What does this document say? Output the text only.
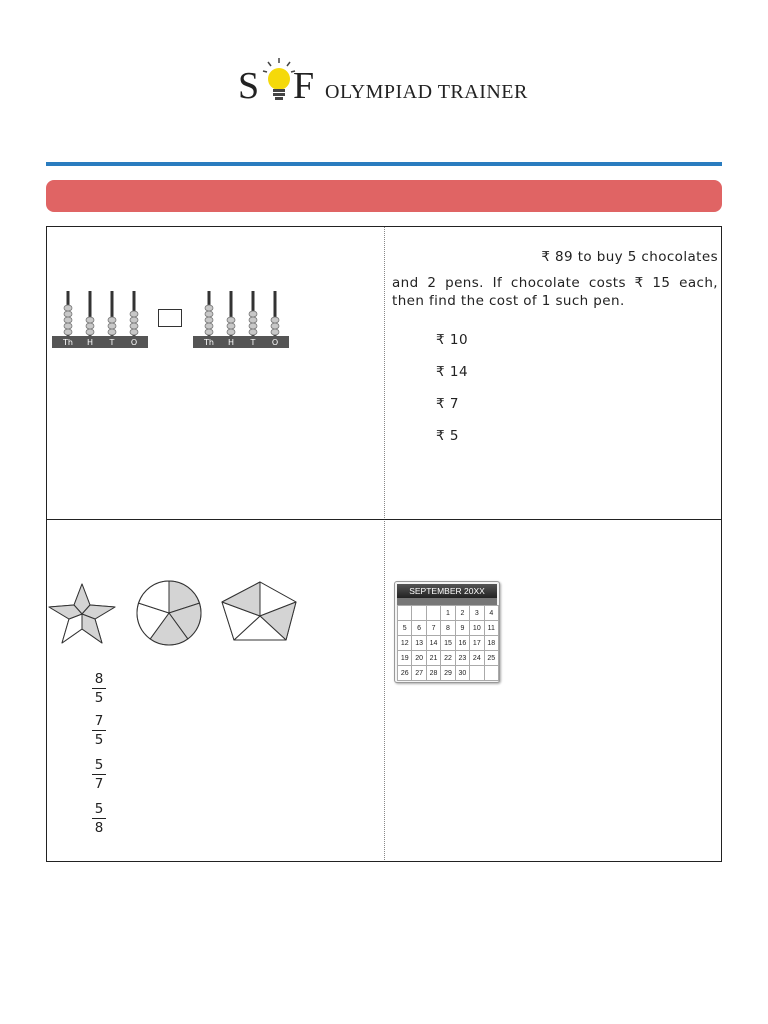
S F OLYMPIAD TRAINER
Th H T O	Th H T O
₹ 89 to buy 5 chocolates
and 2 pens. If chocolate costs ₹ 15 each, then find the cost of 1 such pen.
₹ 10
₹ 14
₹ 7
₹ 5
8
5
7
5
5
7
5
8
SEPTEMBER 20XX
			1	2	3	4
5	6	7	8	9	10	11
12	13	14	15	16	17	18
19	20	21	22	23	24	25
26	27	28	29	30		
